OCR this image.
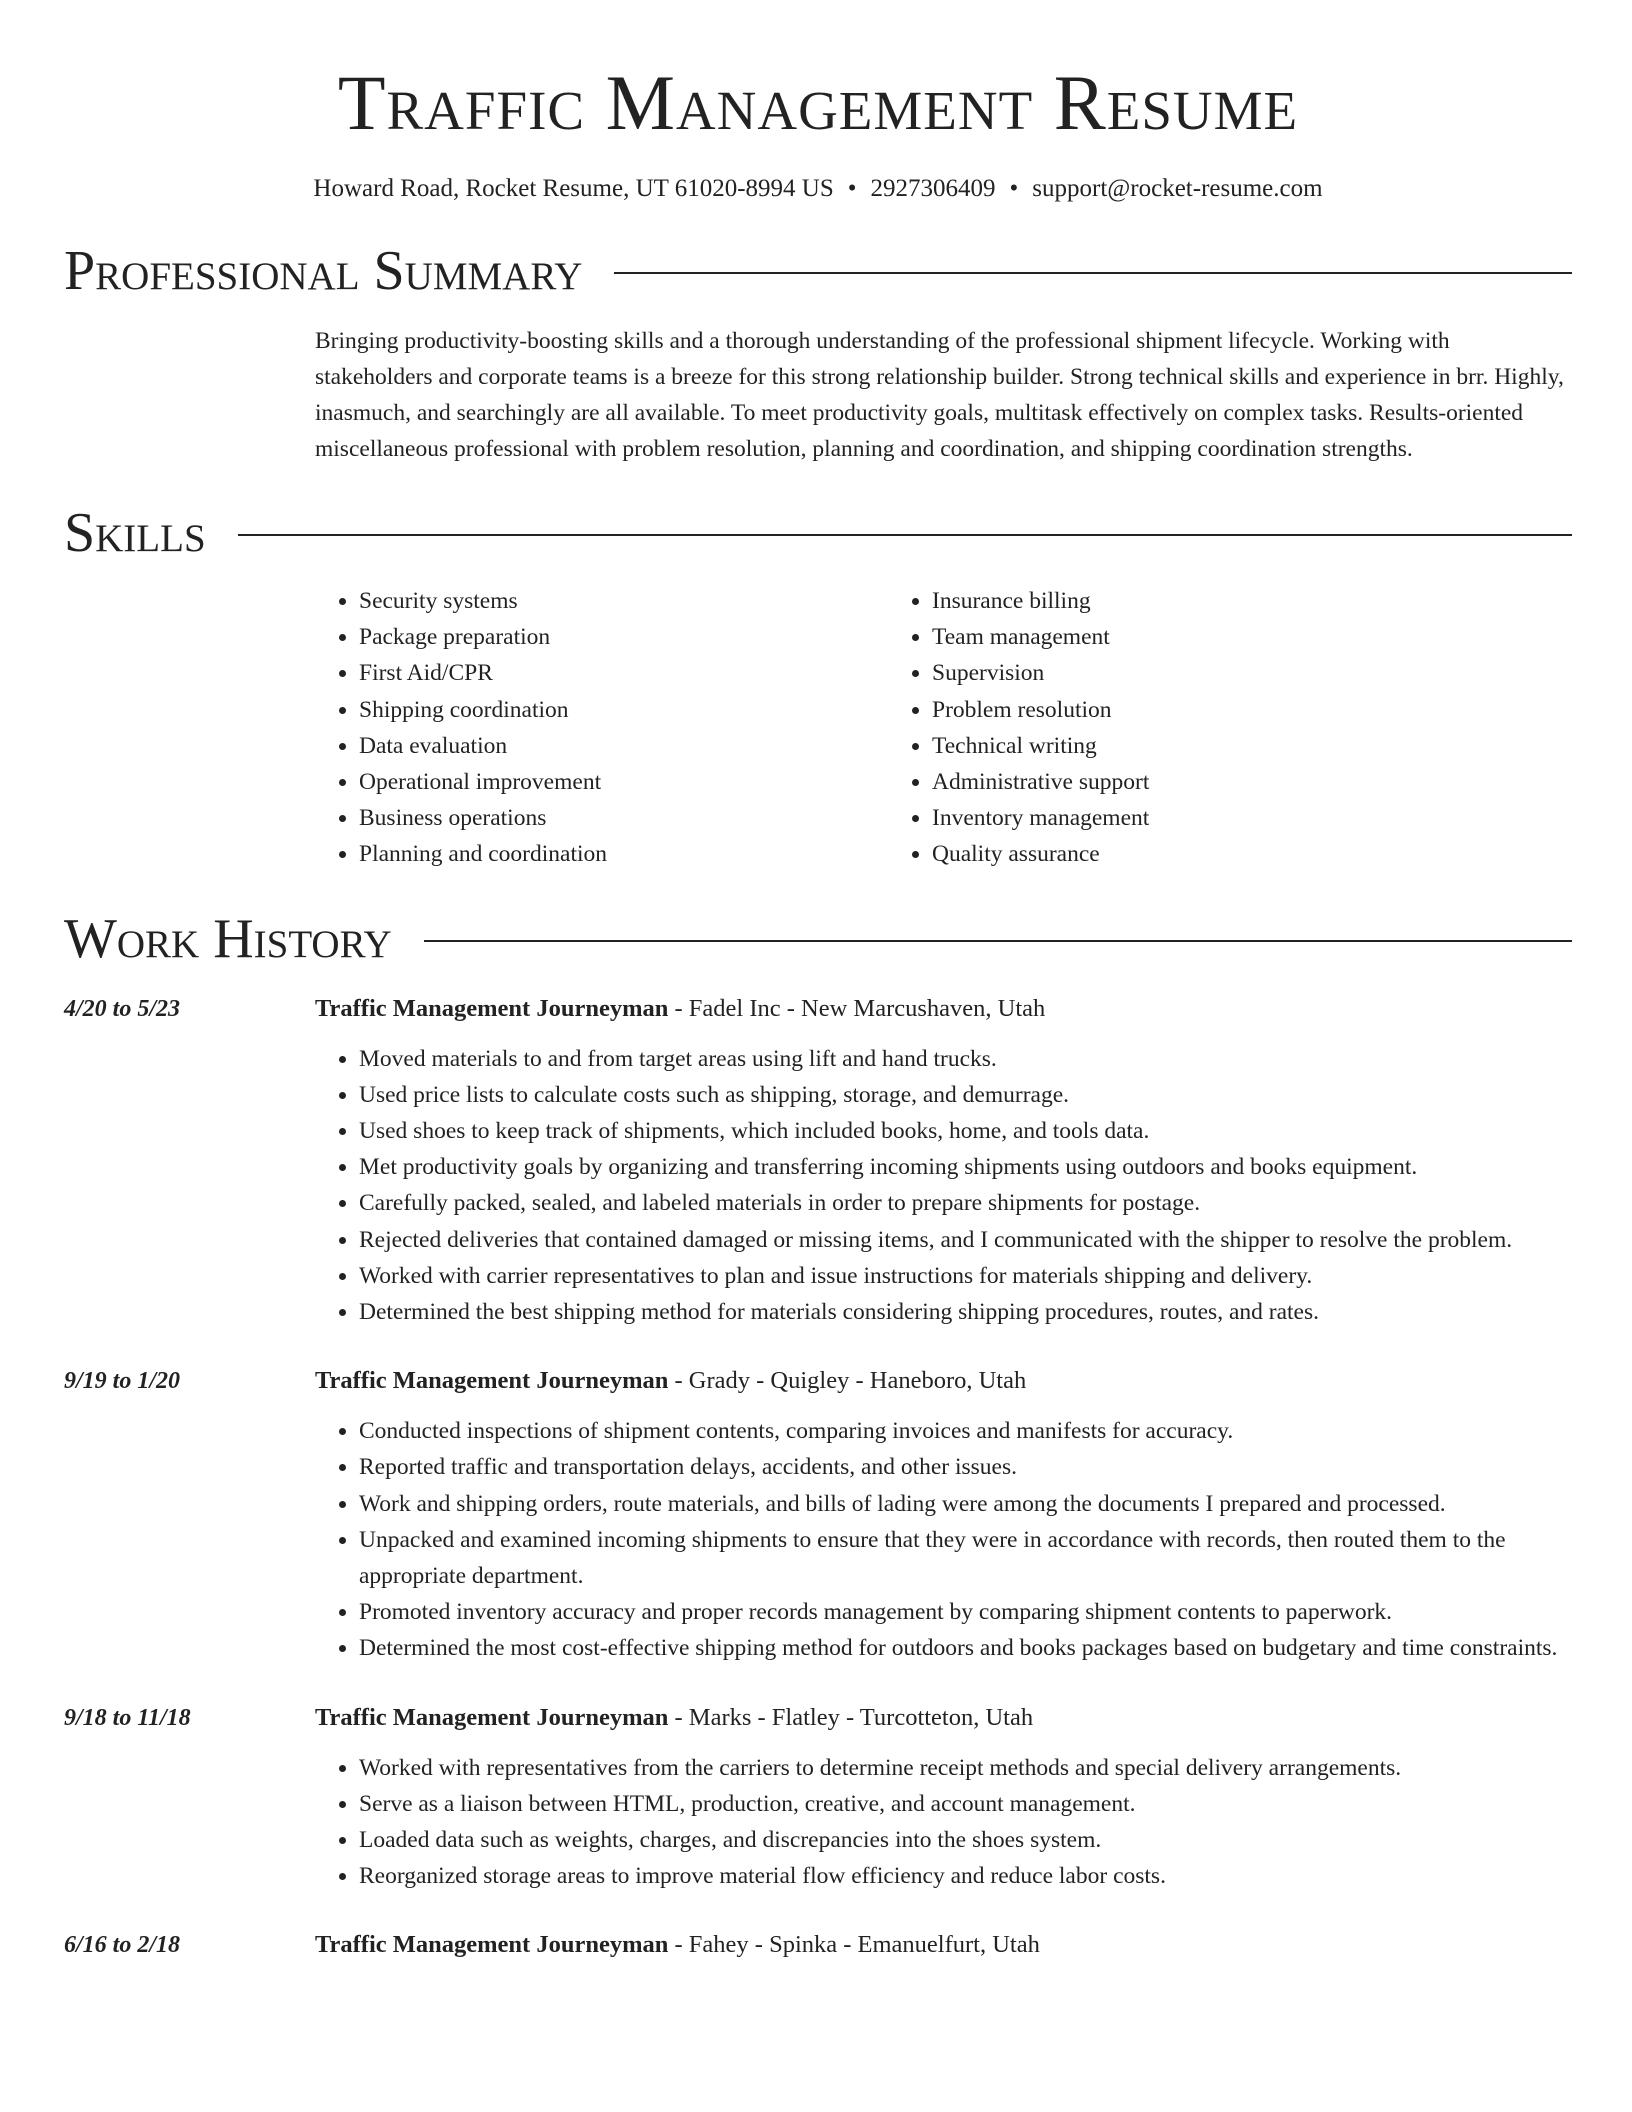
Traffic Management Resume
Howard Road, Rocket Resume, UT 61020-8994 US • 2927306409 • support@rocket-resume.com
Professional Summary
Bringing productivity-boosting skills and a thorough understanding of the professional shipment lifecycle. Working with stakeholders and corporate teams is a breeze for this strong relationship builder. Strong technical skills and experience in brr. Highly, inasmuch, and searchingly are all available. To meet productivity goals, multitask effectively on complex tasks. Results-oriented miscellaneous professional with problem resolution, planning and coordination, and shipping coordination strengths.
Skills
• Security systems
• Package preparation
• First Aid/CPR
• Shipping coordination
• Data evaluation
• Operational improvement
• Business operations
• Planning and coordination
• Insurance billing
• Team management
• Supervision
• Problem resolution
• Technical writing
• Administrative support
• Inventory management
• Quality assurance
Work History
4/20 to 5/23	Traffic Management Journeyman - Fadel Inc - New Marcushaven, Utah
• Moved materials to and from target areas using lift and hand trucks.
• Used price lists to calculate costs such as shipping, storage, and demurrage.
• Used shoes to keep track of shipments, which included books, home, and tools data.
• Met productivity goals by organizing and transferring incoming shipments using outdoors and books equipment.
• Carefully packed, sealed, and labeled materials in order to prepare shipments for postage.
• Rejected deliveries that contained damaged or missing items, and I communicated with the shipper to resolve the problem.
• Worked with carrier representatives to plan and issue instructions for materials shipping and delivery.
• Determined the best shipping method for materials considering shipping procedures, routes, and rates.
9/19 to 1/20	Traffic Management Journeyman - Grady - Quigley - Haneboro, Utah
• Conducted inspections of shipment contents, comparing invoices and manifests for accuracy.
• Reported traffic and transportation delays, accidents, and other issues.
• Work and shipping orders, route materials, and bills of lading were among the documents I prepared and processed.
• Unpacked and examined incoming shipments to ensure that they were in accordance with records, then routed them to the appropriate department.
• Promoted inventory accuracy and proper records management by comparing shipment contents to paperwork.
• Determined the most cost-effective shipping method for outdoors and books packages based on budgetary and time constraints.
9/18 to 11/18	Traffic Management Journeyman - Marks - Flatley - Turcotteton, Utah
• Worked with representatives from the carriers to determine receipt methods and special delivery arrangements.
• Serve as a liaison between HTML, production, creative, and account management.
• Loaded data such as weights, charges, and discrepancies into the shoes system.
• Reorganized storage areas to improve material flow efficiency and reduce labor costs.
6/16 to 2/18	Traffic Management Journeyman - Fahey - Spinka - Emanuelfurt, Utah
